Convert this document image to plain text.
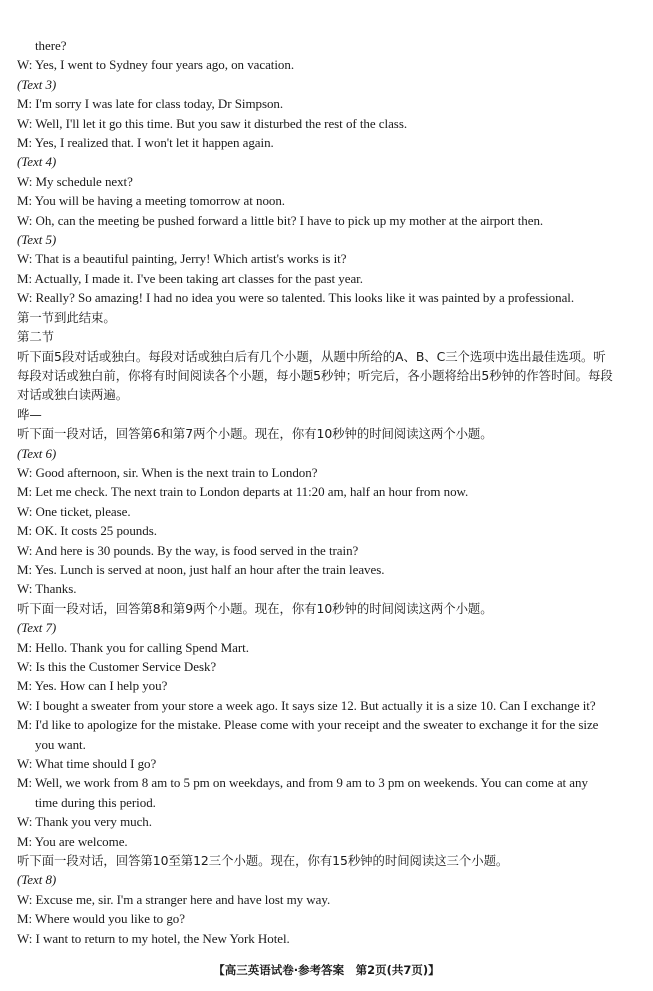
there?
W: Yes, I went to Sydney four years ago, on vacation.
(Text 3)
M: I'm sorry I was late for class today, Dr Simpson.
W: Well, I'll let it go this time. But you saw it disturbed the rest of the class.
M: Yes, I realized that. I won't let it happen again.
(Text 4)
W: My schedule next?
M: You will be having a meeting tomorrow at noon.
W: Oh, can the meeting be pushed forward a little bit? I have to pick up my mother at the airport then.
(Text 5)
W: That is a beautiful painting, Jerry! Which artist's works is it?
M: Actually, I made it. I've been taking art classes for the past year.
W: Really? So amazing! I had no idea you were so talented. This looks like it was painted by a professional.
第一节到此结束。
第二节
听下面5段对话或独白。每段对话或独白后有几个小题，从题中所给的A、B、C三个选项中选出最佳选项。听
每段对话或独白前，你将有时间阅读各个小题，每小题5秒钟；听完后，各小题将给出5秒钟的作答时间。每段
对话或独白读两遍。
哗—
听下面一段对话，回答第6和第7两个小题。现在，你有10秒钟的时间阅读这两个小题。
(Text 6)
W: Good afternoon, sir. When is the next train to London?
M: Let me check. The next train to London departs at 11:20 am, half an hour from now.
W: One ticket, please.
M: OK. It costs 25 pounds.
W: And here is 30 pounds. By the way, is food served in the train?
M: Yes. Lunch is served at noon, just half an hour after the train leaves.
W: Thanks.
听下面一段对话，回答第8和第9两个小题。现在，你有10秒钟的时间阅读这两个小题。
(Text 7)
M: Hello. Thank you for calling Spend Mart.
W: Is this the Customer Service Desk?
M: Yes. How can I help you?
W: I bought a sweater from your store a week ago. It says size 12. But actually it is a size 10. Can I exchange it?
M: I'd like to apologize for the mistake. Please come with your receipt and the sweater to exchange it for the size
you want.
W: What time should I go?
M: Well, we work from 8 am to 5 pm on weekdays, and from 9 am to 3 pm on weekends. You can come at any
time during this period.
W: Thank you very much.
M: You are welcome.
听下面一段对话，回答第10至第12三个小题。现在，你有15秒钟的时间阅读这三个小题。
(Text 8)
W: Excuse me, sir. I'm a stranger here and have lost my way.
M: Where would you like to go?
W: I want to return to my hotel, the New York Hotel.
【高三英语试卷·参考答案　第2页(共7页)】
